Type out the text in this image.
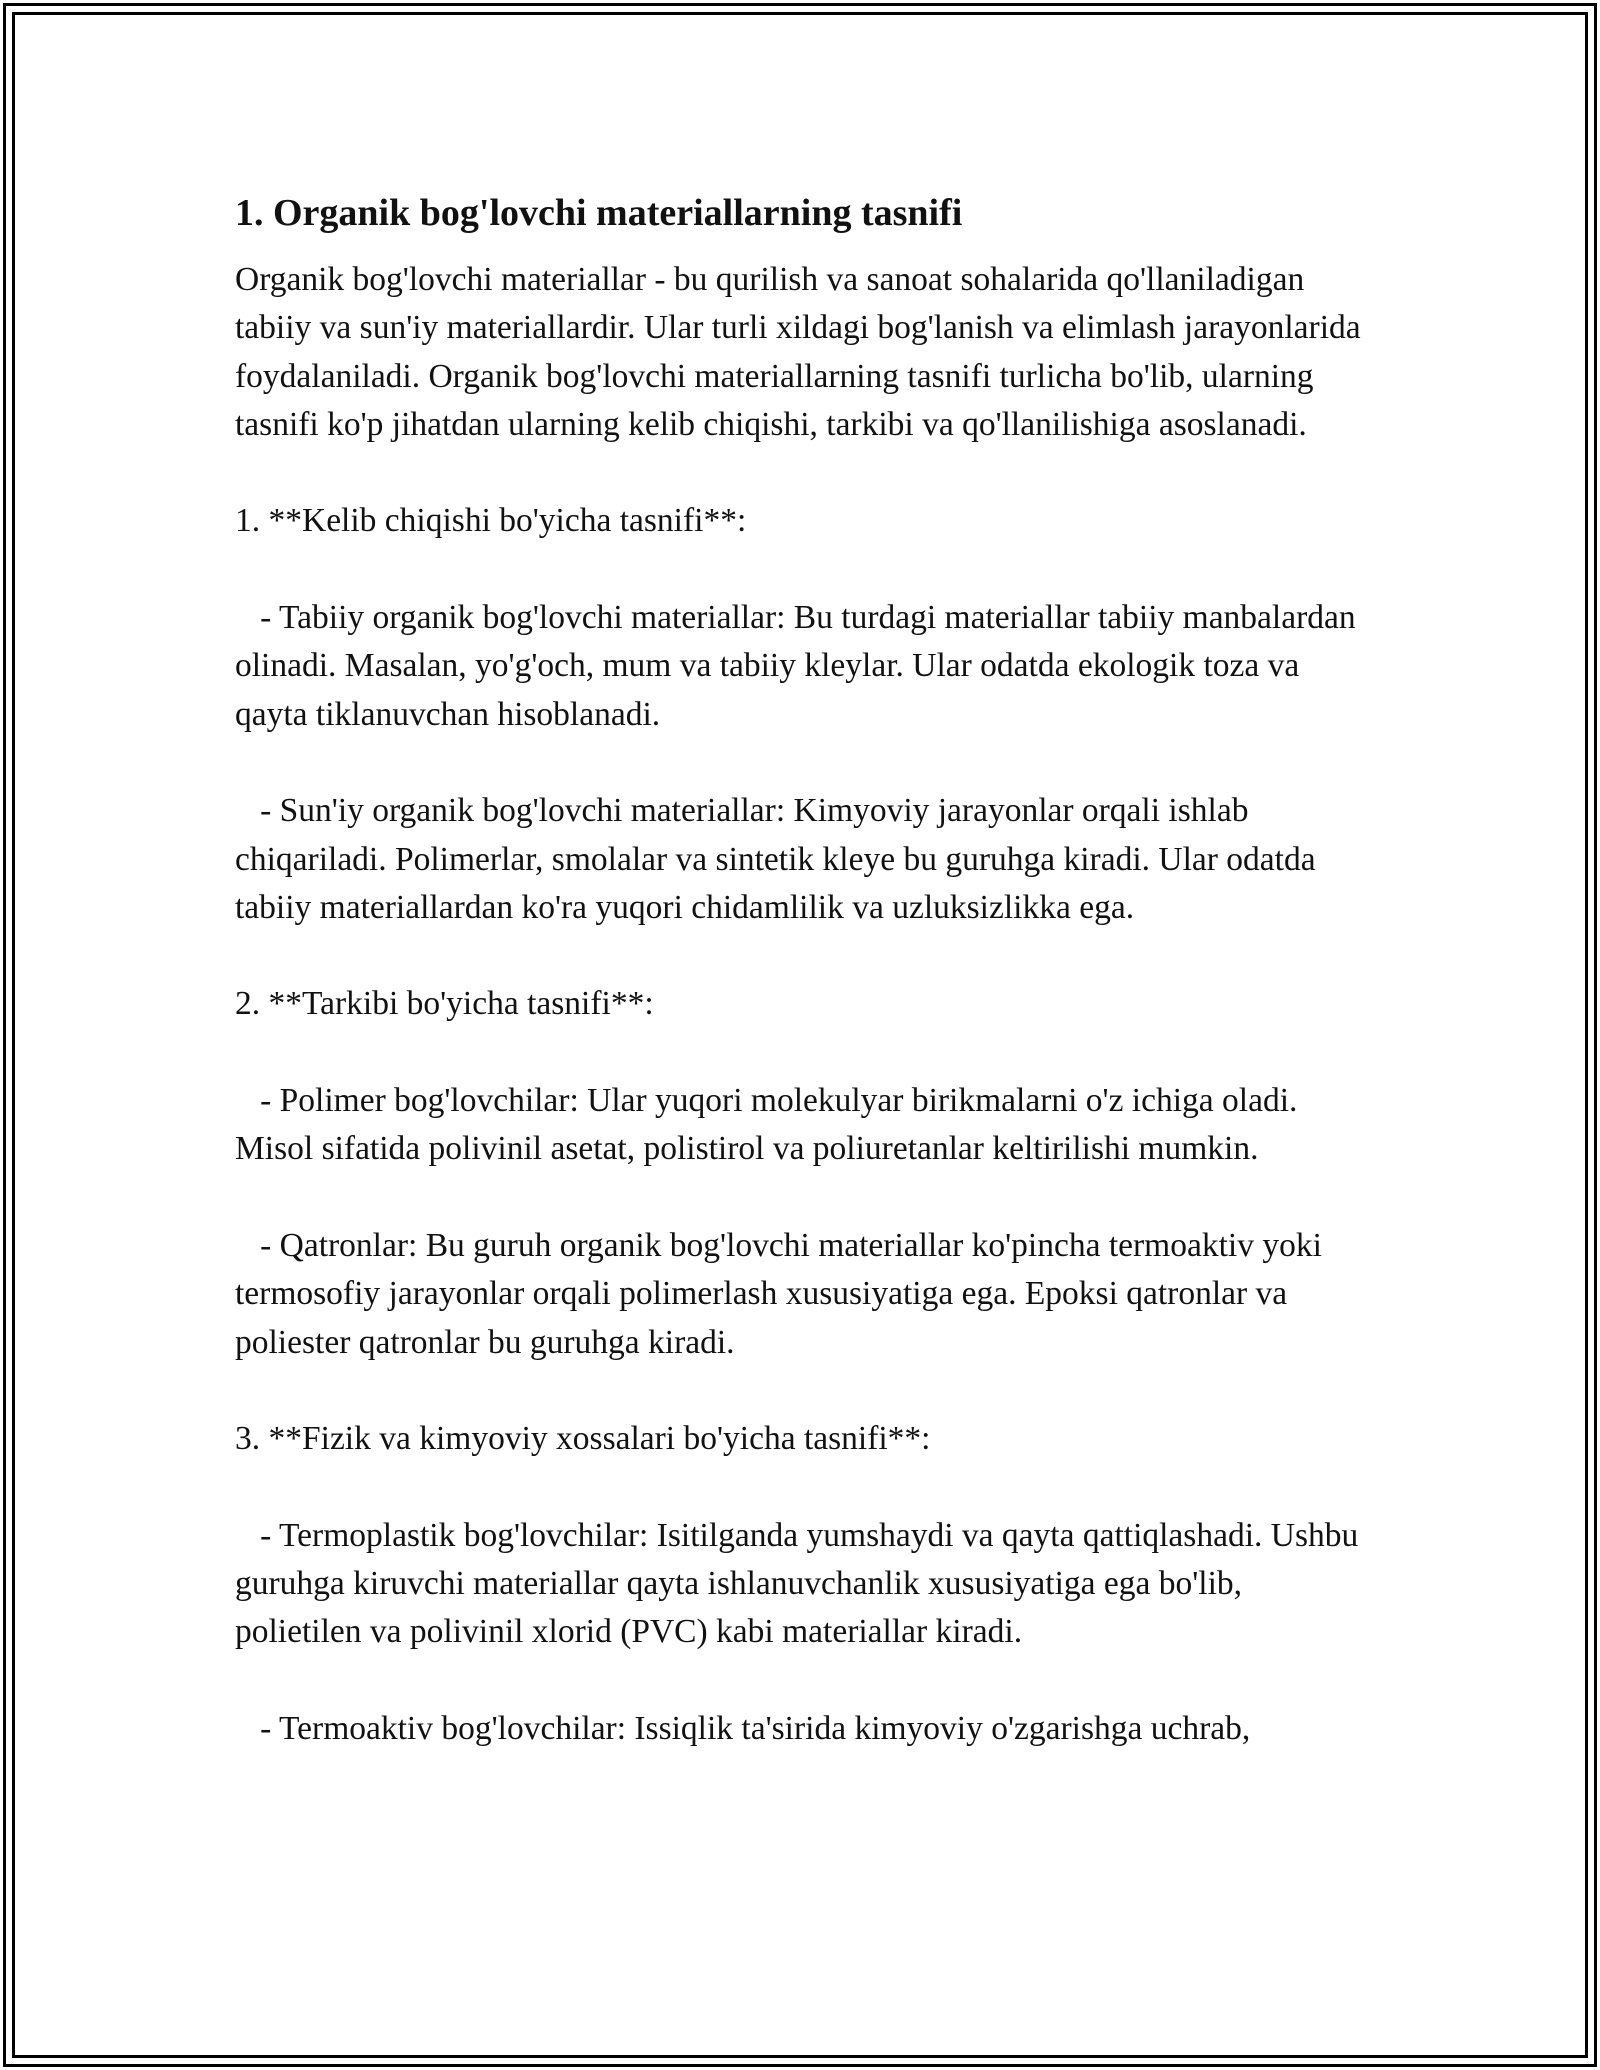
1. Organik bog'lovchi materiallarning tasnifi

Organik bog'lovchi materiallar - bu qurilish va sanoat sohalarida qo'llaniladigan tabiiy va sun'iy materiallardir. Ular turli xildagi bog'lanish va elimlash jarayonlarida foydalaniladi. Organik bog'lovchi materiallarning tasnifi turlicha bo'lib, ularning tasnifi ko'p jihatdan ularning kelib chiqishi, tarkibi va qo'llanilishiga asoslanadi.

1. **Kelib chiqishi bo'yicha tasnifi**:

- Tabiiy organik bog'lovchi materiallar: Bu turdagi materiallar tabiiy manbalardan olinadi. Masalan, yo'g'och, mum va tabiiy kleylar. Ular odatda ekologik toza va qayta tiklanuvchan hisoblanadi.

- Sun'iy organik bog'lovchi materiallar: Kimyoviy jarayonlar orqali ishlab chiqariladi. Polimerlar, smolalar va sintetik kleye bu guruhga kiradi. Ular odatda tabiiy materiallardan ko'ra yuqori chidamlilik va uzluksizlikka ega.

2. **Tarkibi bo'yicha tasnifi**:

- Polimer bog'lovchilar: Ular yuqori molekulyar birikmalarni o'z ichiga oladi. Misol sifatida polivinil asetat, polistirol va poliuretanlar keltirilishi mumkin.

- Qatronlar: Bu guruh organik bog'lovchi materiallar ko'pincha termoaktiv yoki termosofiy jarayonlar orqali polimerlash xususiyatiga ega. Epoksi qatronlar va poliester qatronlar bu guruhga kiradi.

3. **Fizik va kimyoviy xossalari bo'yicha tasnifi**:

- Termoplastik bog'lovchilar: Isitilganda yumshaydi va qayta qattiqlashadi. Ushbu guruhga kiruvchi materiallar qayta ishlanuvchanlik xususiyatiga ega bo'lib, polietilen va polivinil xlorid (PVC) kabi materiallar kiradi.

- Termoaktiv bog'lovchilar: Issiqlik ta'sirida kimyoviy o'zgarishga uchrab,
